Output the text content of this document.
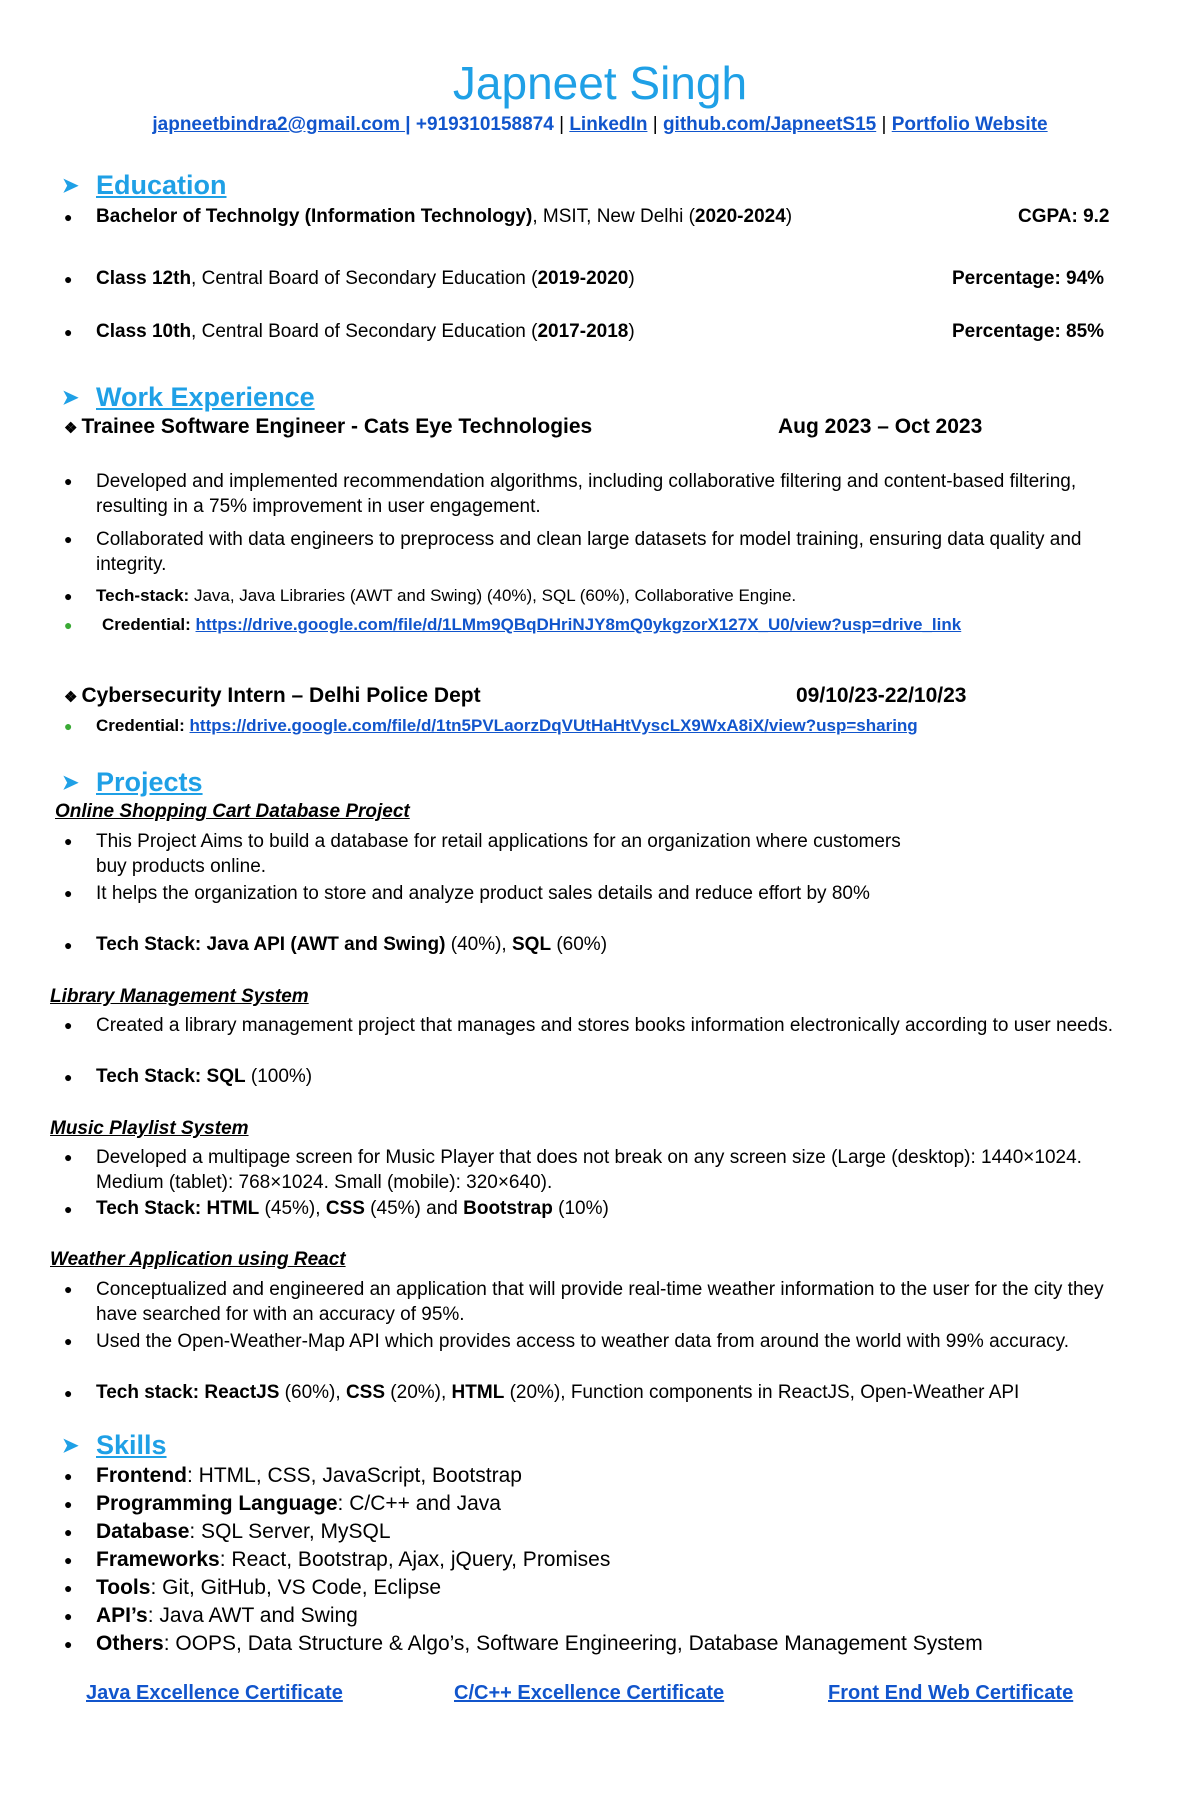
Japneet Singh
japneetbindra2@gmail.com | +919310158874 | LinkedIn | github.com/JapneetS15 | Portfolio Website
➤ Education
● Bachelor of Technolgy (Information Technology), MSIT, New Delhi (2020-2024)	CGPA: 9.2
● Class 12th, Central Board of Secondary Education (2019-2020)	Percentage: 94%
● Class 10th, Central Board of Secondary Education (2017-2018)	Percentage: 85%
➤ Work Experience
❖ Trainee Software Engineer - Cats Eye Technologies	Aug 2023 – Oct 2023
● Developed and implemented recommendation algorithms, including collaborative filtering and content-based filtering, resulting in a 75% improvement in user engagement.
● Collaborated with data engineers to preprocess and clean large datasets for model training, ensuring data quality and integrity.
● Tech-stack: Java, Java Libraries (AWT and Swing) (40%), SQL (60%), Collaborative Engine.
● Credential: https://drive.google.com/file/d/1LMm9QBqDHriNJY8mQ0ykgzorX127X_U0/view?usp=drive_link
❖ Cybersecurity Intern – Delhi Police Dept	09/10/23-22/10/23
● Credential: https://drive.google.com/file/d/1tn5PVLaorzDqVUtHaHtVyscLX9WxA8iX/view?usp=sharing
➤ Projects
Online Shopping Cart Database Project
● This Project Aims to build a database for retail applications for an organization where customers buy products online.
● It helps the organization to store and analyze product sales details and reduce effort by 80%
● Tech Stack: Java API (AWT and Swing) (40%), SQL (60%)
Library Management System
● Created a library management project that manages and stores books information electronically according to user needs.
● Tech Stack: SQL (100%)
Music Playlist System
● Developed a multipage screen for Music Player that does not break on any screen size (Large (desktop): 1440×1024. Medium (tablet): 768×1024. Small (mobile): 320×640).
● Tech Stack: HTML (45%), CSS (45%) and Bootstrap (10%)
Weather Application using React
● Conceptualized and engineered an application that will provide real-time weather information to the user for the city they have searched for with an accuracy of 95%.
● Used the Open-Weather-Map API which provides access to weather data from around the world with 99% accuracy.
● Tech stack: ReactJS (60%), CSS (20%), HTML (20%), Function components in ReactJS, Open-Weather API
➤ Skills
● Frontend: HTML, CSS, JavaScript, Bootstrap
● Programming Language: C/C++ and Java
● Database: SQL Server, MySQL
● Frameworks: React, Bootstrap, Ajax, jQuery, Promises
● Tools: Git, GitHub, VS Code, Eclipse
● API’s: Java AWT and Swing
● Others: OOPS, Data Structure & Algo’s, Software Engineering, Database Management System
Java Excellence Certificate	C/C++ Excellence Certificate	Front End Web Certificate
